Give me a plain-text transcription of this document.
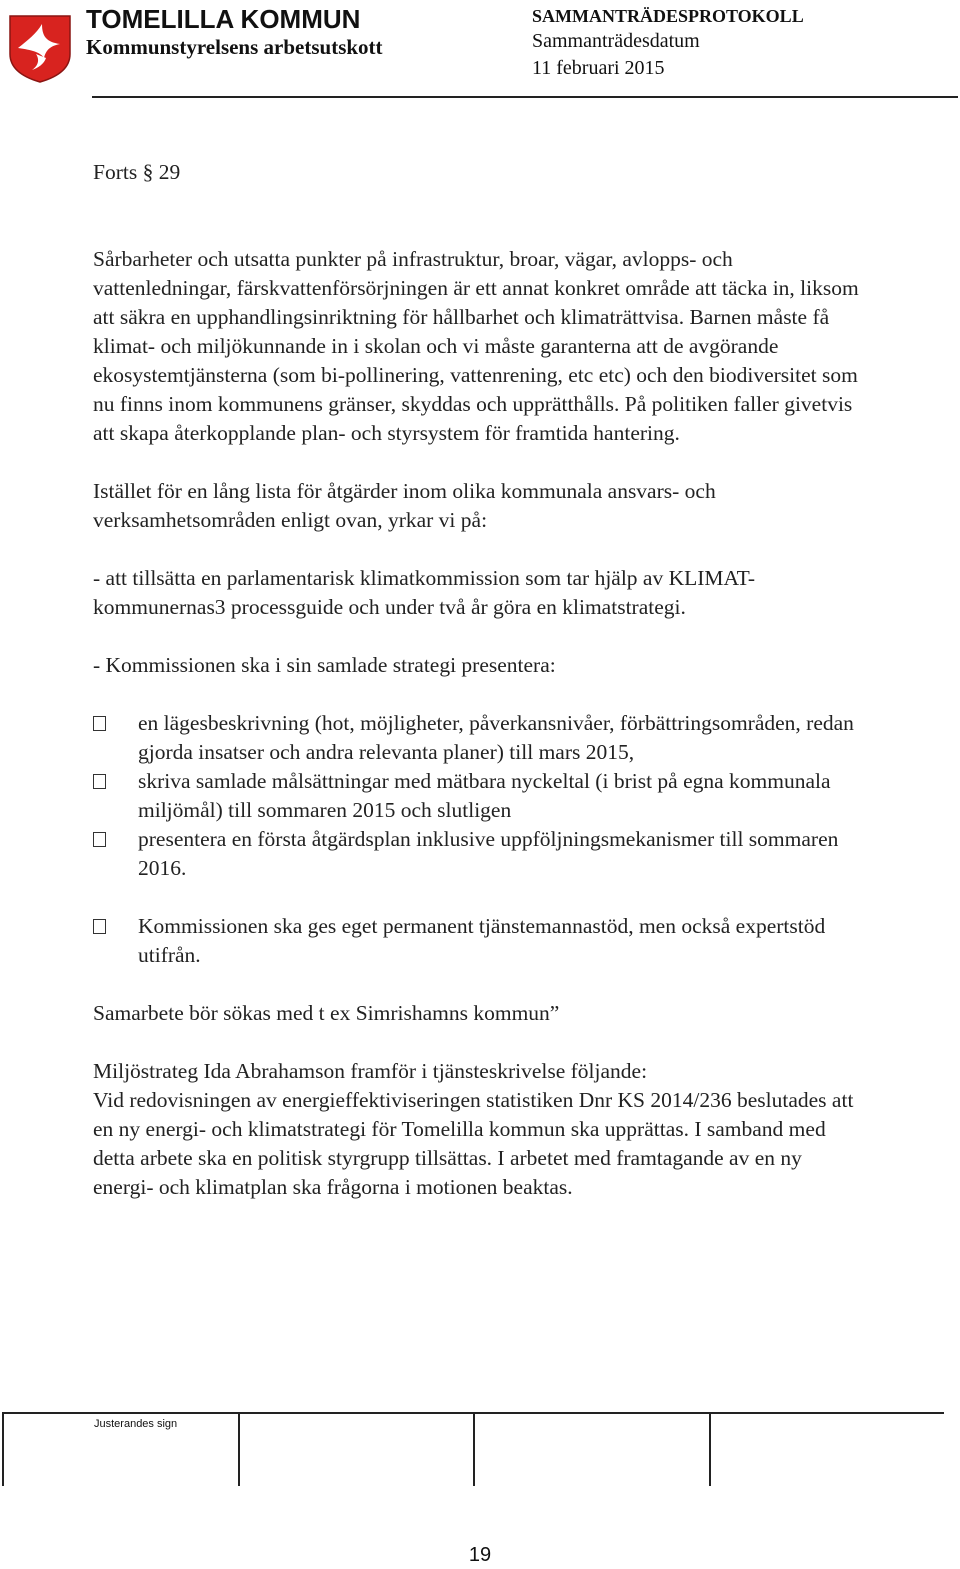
TOMELILLA KOMMUN
Kommunstyrelsens arbetsutskott
SAMMANTRÄDESPROTOKOLL
Sammanträdesdatum
11 februari 2015

Forts § 29

Sårbarheter och utsatta punkter på infrastruktur, broar, vägar, avlopps- och vattenledningar, färskvattenförsörjningen är ett annat konkret område att täcka in, liksom att säkra en upphandlingsinriktning för hållbarhet och klimaträttvisa. Barnen måste få klimat- och miljökunnande in i skolan och vi måste garanterna att de avgörande ekosystemtjänsterna (som bi-pollinering, vattenrening, etc etc) och den biodiversitet som nu finns inom kommunens gränser, skyddas och upprätthålls. På politiken faller givetvis att skapa återkopplande plan- och styrsystem för framtida hantering.

Istället för en lång lista för åtgärder inom olika kommunala ansvars- och verksamhetsområden enligt ovan, yrkar vi på:

- att tillsätta en parlamentarisk klimatkommission som tar hjälp av KLIMAT-kommunernas3 processguide och under två år göra en klimatstrategi.

- Kommissionen ska i sin samlade strategi presentera:

en lägesbeskrivning (hot, möjligheter, påverkansnivåer, förbättringsområden, redan gjorda insatser och andra relevanta planer) till mars 2015,
skriva samlade målsättningar med mätbara nyckeltal (i brist på egna kommunala miljömål) till sommaren 2015 och slutligen
presentera en första åtgärdsplan inklusive uppföljningsmekanismer till sommaren 2016.
Kommissionen ska ges eget permanent tjänstemannastöd, men också expertstöd utifrån.

Samarbete bör sökas med t ex Simrishamns kommun”

Miljöstrateg Ida Abrahamson framför i tjänsteskrivelse följande:

Vid redovisningen av energieffektiviseringen statistiken Dnr KS 2014/236 beslutades att en ny energi- och klimatstrategi för Tomelilla kommun ska upprättas. I samband med detta arbete ska en politisk styrgrupp tillsättas. I arbetet med framtagande av en ny energi- och klimatplan ska frågorna i motionen beaktas.

Justerandes sign
19
